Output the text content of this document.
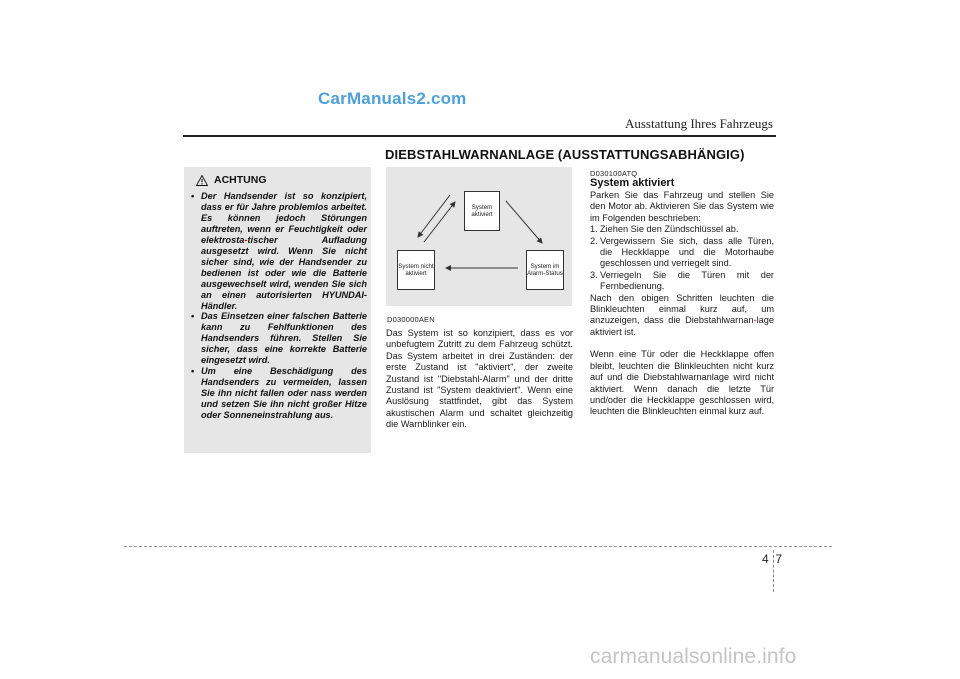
CarManuals2.com
Ausstattung Ihres Fahrzeugs
DIEBSTAHLWARNANLAGE (AUSSTATTUNGSABHÄNGIG)
ACHTUNG
• Der Handsender ist so konzipiert, dass er für Jahre problemlos arbeitet. Es können jedoch Störungen auftreten, wenn er Feuchtigkeit oder elektrosta-tischer Aufladung ausgesetzt wird. Wenn Sie nicht sicher sind, wie der Handsender zu bedienen ist oder wie die Batterie ausgewechselt wird, wenden Sie sich an einen autorisierten HYUNDAI-Händler.
• Das Einsetzen einer falschen Batterie kann zu Fehlfunktionen des Handsenders führen. Stellen Sie sicher, dass eine korrekte Batterie eingesetzt wird.
• Um eine Beschädigung des Handsenders zu vermeiden, lassen Sie ihn nicht fallen oder nass werden und setzen Sie ihn nicht großer Hitze oder Sonneneinstrahlung aus.
System aktiviert
System nicht aktiviert
System im Alarm-Status
D030000AEN
Das System ist so konzipiert, dass es vor unbefugtem Zutritt zu dem Fahrzeug schützt. Das System arbeitet in drei Zuständen: der erste Zustand ist "aktiviert", der zweite Zustand ist "Diebstahl-Alarm" und der dritte Zustand ist "System deaktiviert". Wenn eine Auslösung stattfindet, gibt das System akustischen Alarm und schaltet gleichzeitig die Warnblinker ein.
D030100ATQ
System aktiviert

Parken Sie das Fahrzeug und stellen Sie den Motor ab. Aktivieren Sie das System wie im Folgenden beschrieben:

1. Ziehen Sie den Zündschlüssel ab.
2. Vergewissern Sie sich, dass alle Türen, die Heckklappe und die Motorhaube geschlossen und verriegelt sind.
3. Verriegeln Sie die Türen mit der Fernbedienung.

Nach den obigen Schritten leuchten die Blinkleuchten einmal kurz auf, um anzuzeigen, dass die Diebstahlwarnan-lage aktiviert ist.

Wenn eine Tür oder die Heckklappe offen bleibt, leuchten die Blinkleuchten nicht kurz auf und die Diebstahlwarnanlage wird nicht aktiviert. Wenn danach die letzte Tür und/oder die Heckklappe geschlossen wird, leuchten die Blinkleuchten einmal kurz auf.

4 7
carmanualsonline.info
